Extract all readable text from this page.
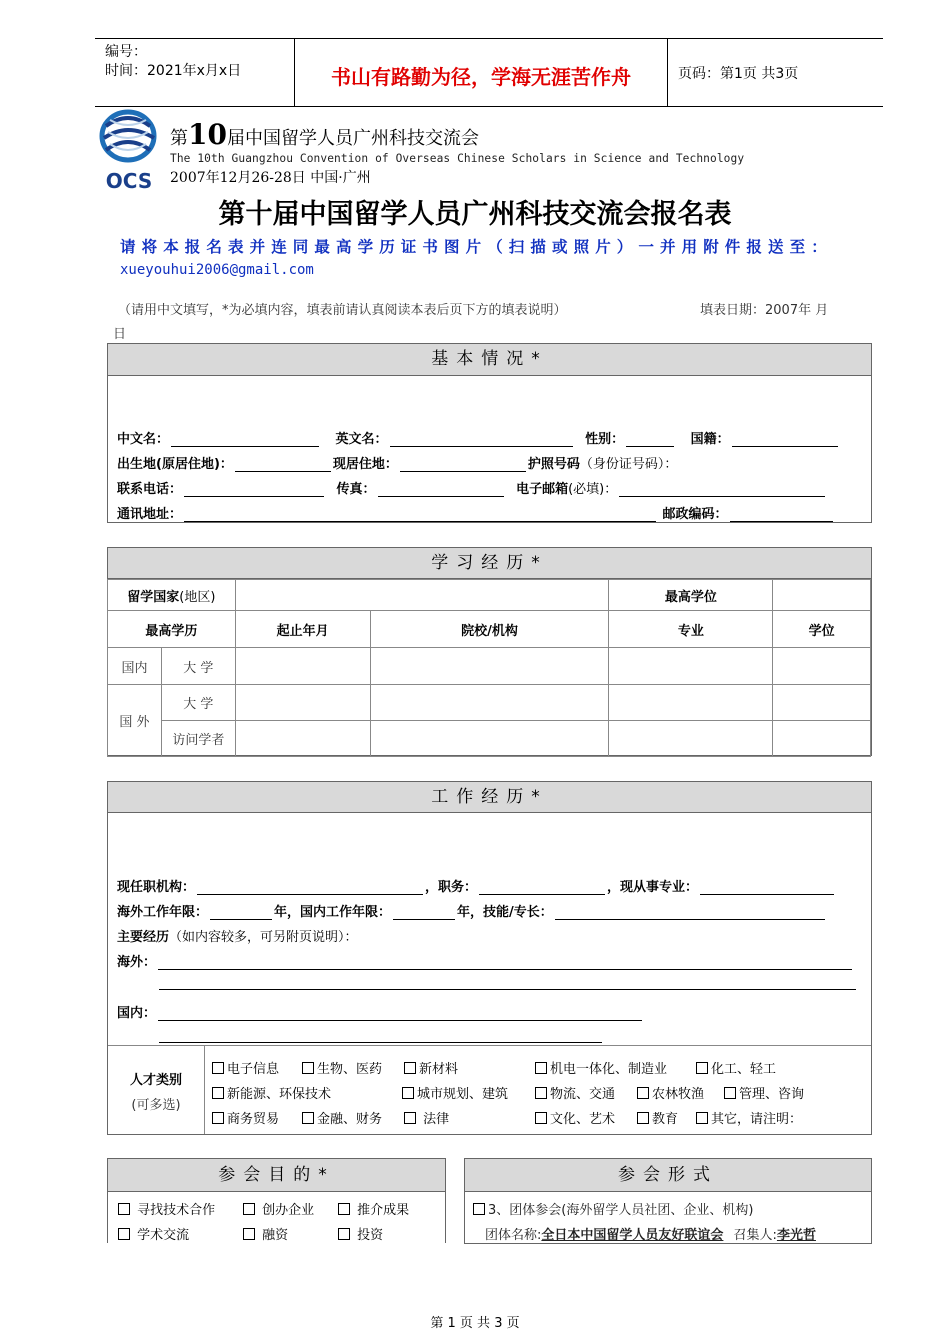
编号：
时间：2021年x月x日	书山有路勤为径，学海无涯苦作舟	页码：第1页 共3页
OCS
第10届中国留学人员广州科技交流会
The 10th Guangzhou Convention of Overseas Chinese Scholars in Science and Technology
2007年12月26-28日 中国·广州
第十届中国留学人员广州科技交流会报名表
请将本报名表并连同最高学历证书图片（扫描或照片）一并用附件报送至：
xueyouhui2006@gmail.com
（请用中文填写，*为必填内容，填表前请认真阅读本表后页下方的填表说明）	填表日期：2007年 月
日
基本情况*
中文名：	英文名：	性别：	国籍：
出生地(原居住地)：	现居住地：	护照号码（身份证号码）：
联系电话：	传真：	电子邮箱(必填)：
通讯地址：	邮政编码：
学习经历*
留学国家(地区)				最高学位	
最高学历		起止年月	院校/机构	专业	学位
国内	大 学				
国 外	大 学				
	访问学者				
工作经历*
现任职机构：	，职务：	，现从事专业：
海外工作年限：	年，国内工作年限：	年，技能/专长：
主要经历（如内容较多，可另附页说明）：
海外：
国内：
人才类别
(可多选)
电子信息	生物、医药	新材料	机电一体化、制造业	化工、轻工
新能源、环保技术	城市规划、建筑	物流、交通	农林牧渔	管理、咨询
商务贸易	金融、财务	法律	文化、艺术	教育	其它，请注明：
参会目的*
寻找技术合作	创办企业	推介成果
学术交流	融资	投资
参会形式
3、团体参会(海外留学人员社团、企业、机构)
团体名称:全日本中国留学人员友好联谊会 召集人:李光哲
第 1 页 共 3 页
